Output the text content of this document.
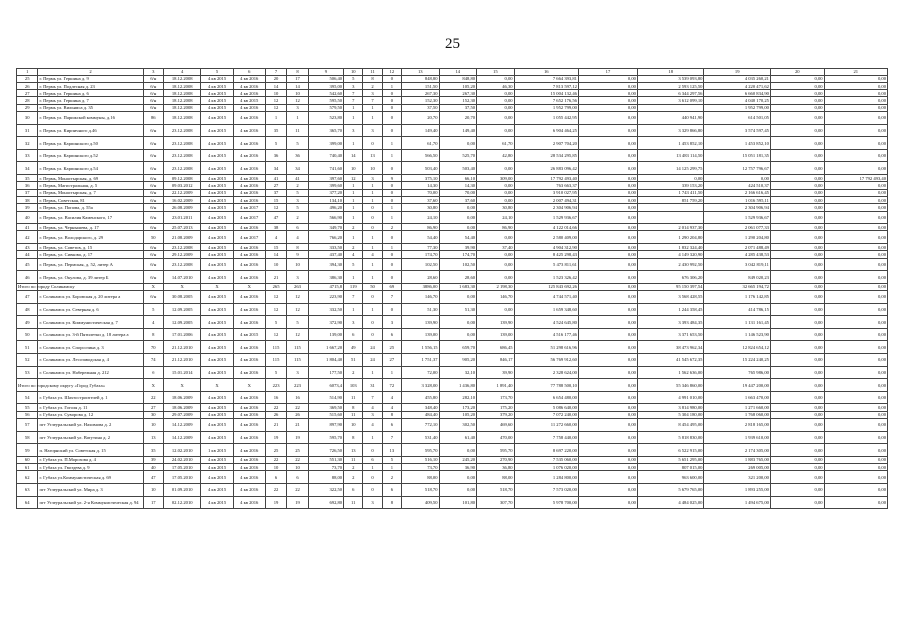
25
1	2	3	4	5	6	7	8	9	10	11	12	13	14	15	16	17	18	19	20	21
25	г. Пермь ул. Гершина д. 9	б/н	18.12.2008	4 кв 2015	4 кв 2016	20	17	506,40	5	8	0	848,80	848,80	0,00	7 664 393,81	0,00	3 539 093,80	4 035 260,21	0,00	0,00
26	г. Пермь ул. Подлесная д. 23	б/н	18.12.2008	4 кв 2015	4 кв 2016	14	14	395,00	3	2	1	151,50	105,20	46,30	7 813 597,12	0,00	2 593 125,50	4 220 471,62	0,00	0,00
27	г. Пермь ул. Гершина д. 6	б/н	18.12.2008	4 кв 2015	4 кв 2016	10	10	542,60	7	3	0	267,30	267,30	0,00	15 004 132,46	0,00	6 344 297,56	6 660 834,90	0,00	0,00
28	г. Пермь ул. Гершина д. 7	б/н	18.12.2008	4 кв 2015	4 кв 2015	12	12	595,50	7	7	0	152,30	152,30	0,00	7 652 176,56	0,00	3 612 099,10	4 040 170,25	0,00	0,00
29	г. Пермь ул. Вильямса д. 35	б/н	18.12.2008	4 кв 2015	4 кв 2016	12	3	579,50	1	1	0	37,50	37,50	0,00	1 952 799,00	0,00		1 952 799,00	0,00	0,00
30	г. Пермь ул. Парижской коммуны, д.16	86	18.12.2008	4 кв 2015	4 кв 2016	1	1	523,80	1	1	0	20,70	20,70	0,00	1 055 442,95	0,00	440 941,90	614 501,05	0,00	0,00
31	г. Пермь ул. Кирпичного д.46	б/н	23.12.2008	4 кв 2015	4 кв 2016	35	11	365,70	3	3	0	149,40	149,40	0,00	6 904 464,25	0,00	3 329 866,80	3 574 597,45	0,00	0,00
32	г. Пермь ул. Карпинского д.50	б/н	23.12.2008	4 кв 2015	4 кв 2016	5	5	399,00	1	0	1	61,70	0,00	61,70	2 907 704,20	0,00	1 453 852,10	1 453 852,10	0,00	0,00
33	г. Пермь ул. Карпинского д.52	б/н	23.12.2008	4 кв 2015	4 кв 2016	36	36	740,40	14	13	1	566,50	525,70	42,80	28 534 295,85	0,00	13 483 114,50	15 051 181,35	0,00	0,00
34	г. Пермь ул. Карпинского д.54	б/н	23.12.2008	4 кв 2015	4 кв 2016	34	34	741,60	10	10	0	503,40	503,40	0,00	26 883 096,42	0,00	14 125 299,75	12 757 796,67	0,00	0,00
35	г. Пермь, Монастырская, д. 69	б/н	09.12.2008	4 кв 2015	4 кв 2016	41	41	397,60	12	3	9	375,10	66,10	309,00	17 792 493,40	0,00	0,00	0,00	0,00	17 792 493,40
36	г. Пермь, Магистральная, д. 5	б/н	09.03.2012	4 кв 2015	4 кв 2016	27	2	399,60	1	1	0	14,30	14,30	0,00	763 663,37	0,00	339 153,20	424 510,37	0,00	0,00
37	г. Пермь, Монастырская, д. 7	б/н	22.12.2009	4 кв 2015	4 кв 2016	37	5	377,20	1	1	0	70,00	70,00	0,00	3 910 027,95	0,00	1 743 411,50	2 166 616,45	0,00	0,00
38	г. Пермь, Советская, 81	б/н	16.02.2009	4 кв 2015	4 кв 2016	15	3	134,10	1	1	0	37,60	37,60	0,00	2 007 494,31	0,00	851 759,20	1 016 595,11	0,00	0,00
39	г. Пермь, ул. Попова, д. 55а	б/н	26.08.2009	4 кв 2015	4 кв 2017	12	5	496,20	1	0	1	30,80	0,00	30,80	2 304 906,94	0,00		2 304 906,94	0,00	0,00
40	г. Пермь, ул. Василия Каменского, 17	б/н	23.01.2011	4 кв 2015	4 кв 2017	47	2	566,90	1	0	1	24,10	0,00	24,10	1 529 936,67	0,00		1 529 936,67	0,00	0,00
41	г. Пермь, ул. Чернышева, д. 17	б/н	25.07.2013	4 кв 2015	4 кв 2016	38	6	349,70	2	0	2	86,90	0,00	86,90	4 122 014,66	0,00	2 014 937,30	2 061 077,33	0,00	0,00
42	г. Пермь, ул. Володарского, д. 29	50	21.08.2009	4 кв 2015	4 кв 2017	4	4	766,20	1	1	0	54,40	54,40	0,00	2 580 409,00	0,00	1 290 204,80	1 290 204,80	0,00	0,00
43	г. Пермь, ул. Советов, д. 15	б/н	23.12.2008	4 кв 2015	4 кв 2016	15	8	333,50	2	1	1	77,30	39,90	37,40	4 904 312,90	0,00	1 832 324,40	2 071 488,49	0,00	0,00
44	г. Пермь, ул. Сивкова, д. 17	б/н	29.12.2009	4 кв 2015	4 кв 2016	14	9	437,40	4	4	0	174,70	174,70	0,00	8 425 298,43	0,00	4 149 320,90	4 285 438,53	0,00	0,00
45	г. Пермь, ул. Пермская, д. 52, литер А	б/н	23.12.2008	4 кв 2015	4 кв 2016	10	10	394,30	5	1	0	102,50	102,50	0,00	5 473 811,61	0,00	2 430 992,50	3 042 819,11	0,00	0,00
46	г. Пермь, ул. Окулова, д. 39 литер Б	б/н	14.07.2010	4 кв 2015	4 кв 2016	21	3	386,30	1	1	0	28,60	28,60	0,00	1 523 326,42	0,00	676 306,20	849 020,23	0,00	0,00
Итого по городу Соликамску		X	X	X	X	265	263	4715,8	119	50	69	3886,00	1 683,30	2 198,30	125 843 692,26	0,00	95 150 397,54	32 665 194,72	0,00	0,00
47	г. Соликамск ул. Боровская д. 20 литера а	б/н	30.08.2005	4 кв 2015	4 кв 2016	12	12	223,90	7	0	7	146,70	0,00	146,70	4 744 571,40	0,00	3 568 428,55	1 176 142,85	0,00	0,00
48	г. Соликамск ул. Северная д. 6	5	12.09.2005	4 кв 2015	4 кв 2016	12	12	332,50	1	1	0	51,30	51,30	0,00	1 659 348,60	0,00	1 244 358,45	414 786,15	0,00	0,00
49	г. Соликамск ул. Коммунистическая д. 7	4	12.09.2005	4 кв 2015	4 кв 2016	5	5	372,90	3	0	3	139,90	0,00	139,90	4 524 645,80	0,00	3 393 484,35	1 131 161,45	0,00	0,00
50	г. Соликамск ул. 3-й Пятилетки д. 18 литера а	8	17.01.2006	4 кв 2015	4 кв 2015	12	12	139,00	6	0	6	139,00	0,00	139,00	4 516 177,46	0,00	3 371 653,50	1 146 523,90	0,00	0,00
51	г. Соликамск ул. Спорсозина д. 3	70	21.12.2010	4 кв 2015	4 кв 2016	115	115	1 667,20	49	24	25	1 556,15	659,70	686,45	51 298 616,96	0,00	38 473 962,34	12 824 654,12	0,00	0,00
52	г. Соликамск ул. Лесозаводская д. 4	74	21.12.2010	4 кв 2015	4 кв 2016	115	115	1 804,40	51	24	27	1 751,37	905,20	846,17	56 769 912,60	0,00	41 545 672,35	15 224 240,25	0,00	0,00
53	г. Соликамск ул. Набережная д. 212	б	15.01.2014	4 кв 2015	4 кв 2016	5	3	177,50	2	1	1	72,00	32,10	39,90	2 328 624,00	0,00	1 562 636,00	765 986,00	0,00	0,00
Итого по городскому округу «Город Губаха»		X	X	X	X	223	223	6073,4	103	31	72	3 328,00	1 436,80	1 891,40	77 788 500,10	0,00	55 346 860,00	19 447 200,00	0,00	0,00
54	г. Губаха ул. Шахтостроителей д. 1	22	18.06.2009	4 кв 2015	4 кв 2016	16	16	514,90	11	7	4	455,80	282,10	173,70	6 654 480,00	0,00	4 991 010,00	1 663 470,00	0,00	0,00
55	г. Губаха ул. Гоголя д. 11	27	18.06.2009	4 кв 2015	4 кв 2016	22	22	369,50	8	4	4	348,40	173,20	175,20	5 086 640,00	0,00	3 814 980,00	1 271 660,00	0,00	0,00
56	г. Губаха ул. Суворова д. 12	30	29.07.2009	4 кв 2015	4 кв 2016	26	26	515,60	11	3	8	484,40	105,20	379,20	7 072 240,00	0,00	5 304 180,00	1 768 060,00	0,00	0,00
57	пгт Углеуральский ул. Нахимова д. 2	10	14.12.2009	4 кв 2015	4 кв 2016	21	21	897,90	10	4	6	772,10	302,50	469,60	11 272 660,00	0,00	8 454 495,00	2 818 165,00	0,00	0,00
58	пгт Углеуральский ул. Ватутина д. 2	13	14.12.2009	4 кв 2015	4 кв 2016	19	19	595,70	8	1	7	531,40	61,40	470,00	7 758 440,00	0,00	5 818 830,00	1 939 610,00	0,00	0,00
59	п. Нагорнский ул. Советская д. 15	35	12.02.2010	1 кв 2015	4 кв 2016	25	25	726,50	13	0	13	595,70	0,00	595,70	8 697 220,00	0,00	6 522 915,00	2 174 305,00	0,00	0,00
60	г. Губаха ул. П.Морозова д. 4	39	24.02.2010	4 кв 2015	4 кв 2016	22	22	551,30	11	6	5	516,10	245,20	270,90	7 535 060,00	0,00	5 651 295,00	1 883 765,00	0,00	0,00
61	г. Губаха ул. Гвоздева д. 9	40	17.05.2010	4 кв 2015	4 кв 2016	10	10	73,70	2	1	1	73,70	36,90	36,80	1 076 020,00	0,00	807 015,00	269 005,00	0,00	0,00
62	г. Губаха ул.Коммунистическая д. 69	47	17.05.2010	4 кв 2015	4 кв 2016	6	6	88,00	2	0	2	88,00	0,00	88,00	1 284 800,00	0,00	963 600,00	321 200,00	0,00	0,00
63	пгт Углеуральский ул. Мира д. 3	10	01.09.2010	4 кв 2015	4 кв 2016	22	22	322,50	6	0	6	518,70	0,00	518,70	7 573 020,00	0,00	5 679 765,00	1 893 255,00	0,00	0,00
64	пгт Углеуральский ул. 2-я Коммунистическая д. 94	17	02.12.2010	4 кв 2015	4 кв 2016	19	19	692,80	11	3	8	409,50	101,80	307,70	5 978 700,00	0,00	4 484 025,00	1 494 675,00	0,00	0,00
